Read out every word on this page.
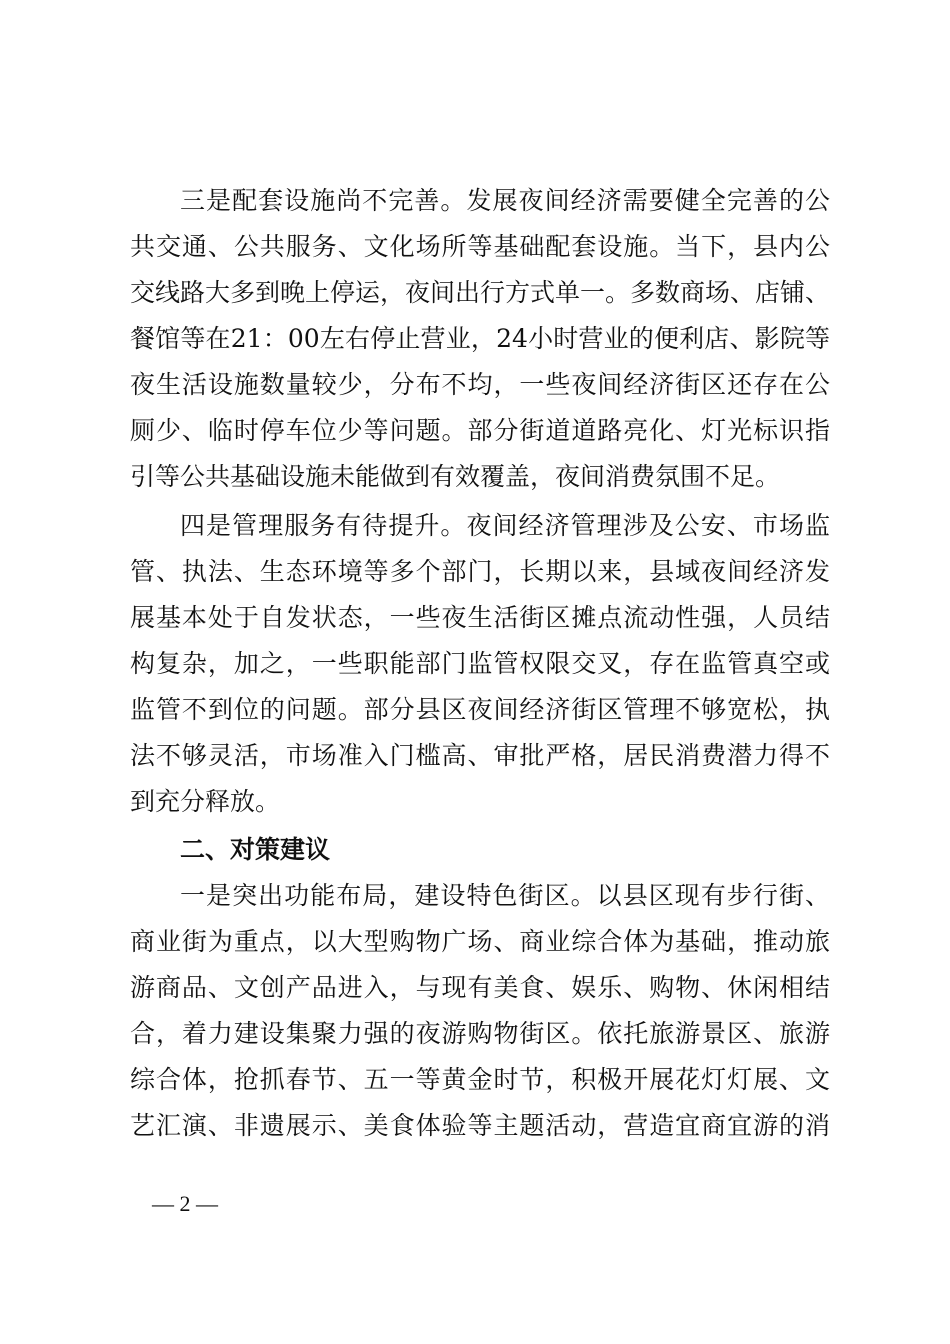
三是配套设施尚不完善。发展夜间经济需要健全完善的公
共交通、公共服务、文化场所等基础配套设施。当下，县内公
交线路大多到晚上停运，夜间出行方式单一。多数商场、店铺、
餐馆等在21：00左右停止营业，24小时营业的便利店、影院等
夜生活设施数量较少，分布不均，一些夜间经济街区还存在公
厕少、临时停车位少等问题。部分街道道路亮化、灯光标识指
引等公共基础设施未能做到有效覆盖，夜间消费氛围不足。
四是管理服务有待提升。夜间经济管理涉及公安、市场监
管、执法、生态环境等多个部门，长期以来，县域夜间经济发
展基本处于自发状态，一些夜生活街区摊点流动性强，人员结
构复杂，加之，一些职能部门监管权限交叉，存在监管真空或
监管不到位的问题。部分县区夜间经济街区管理不够宽松，执
法不够灵活，市场准入门槛高、审批严格，居民消费潜力得不
到充分释放。
二、对策建议
一是突出功能布局，建设特色街区。以县区现有步行街、
商业街为重点，以大型购物广场、商业综合体为基础，推动旅
游商品、文创产品进入，与现有美食、娱乐、购物、休闲相结
合，着力建设集聚力强的夜游购物街区。依托旅游景区、旅游
综合体，抢抓春节、五一等黄金时节，积极开展花灯灯展、文
艺汇演、非遗展示、美食体验等主题活动，营造宜商宜游的消
— 2 —
